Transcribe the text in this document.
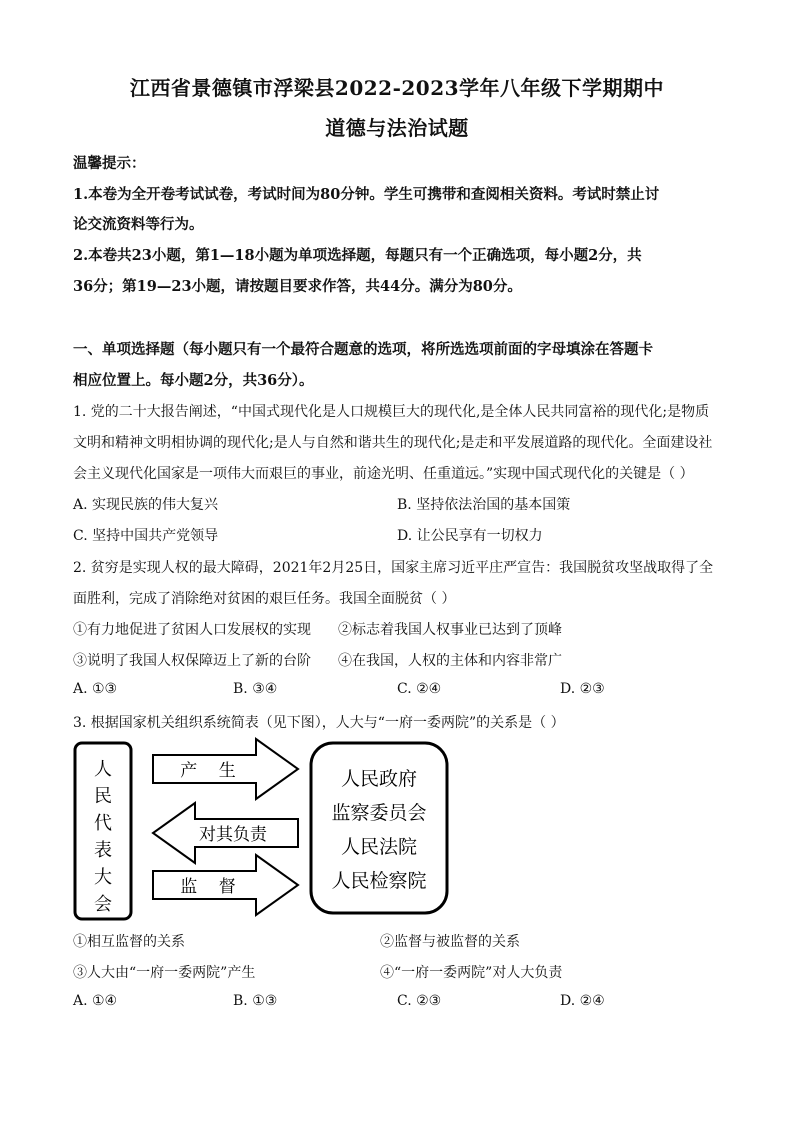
江西省景德镇市浮梁县2022-2023学年八年级下学期期中
道德与法治试题
温馨提示：
1.本卷为全开卷考试试卷，考试时间为80分钟。学生可携带和查阅相关资料。考试时禁止讨
论交流资料等行为。
2.本卷共23小题，第1—18小题为单项选择题，每题只有一个正确选项，每小题2分，共
36分；第19—23小题，请按题目要求作答，共44分。满分为80分。
一、单项选择题（每小题只有一个最符合题意的选项，将所选选项前面的字母填涂在答题卡
相应位置上。每小题2分，共36分）。
1. 党的二十大报告阐述，“中国式现代化是人口规模巨大的现代化,是全体人民共同富裕的现代化;是物质
文明和精神文明相协调的现代化;是人与自然和谐共生的现代化;是走和平发展道路的现代化。全面建设社
会主义现代化国家是一项伟大而艰巨的事业，前途光明、任重道远。”实现中国式现代化的关键是（ ）
A. 实现民族的伟大复兴	B. 坚持依法治国的基本国策
C. 坚持中国共产党领导	D. 让公民享有一切权力
2. 贫穷是实现人权的最大障碍，2021年2月25日，国家主席习近平庄严宣告：我国脱贫攻坚战取得了全
面胜利，完成了消除绝对贫困的艰巨任务。我国全面脱贫（ ）
①有力地促进了贫困人口发展权的实现 ②标志着我国人权事业已达到了顶峰
③说明了我国人权保障迈上了新的台阶 ④在我国，人权的主体和内容非常广
A. ①③	B. ③④	C. ②④	D. ②③
3. 根据国家机关组织系统简表（见下图），人大与“一府一委两院”的关系是（ ）
人
民
代
表
大
会
产    生
对其负责
监    督
人民政府
监察委员会
人民法院
人民检察院
①相互监督的关系	②监督与被监督的关系
③人大由“一府一委两院”产生	④“一府一委两院”对人大负责
A. ①④	B. ①③	C. ②③	D. ②④
